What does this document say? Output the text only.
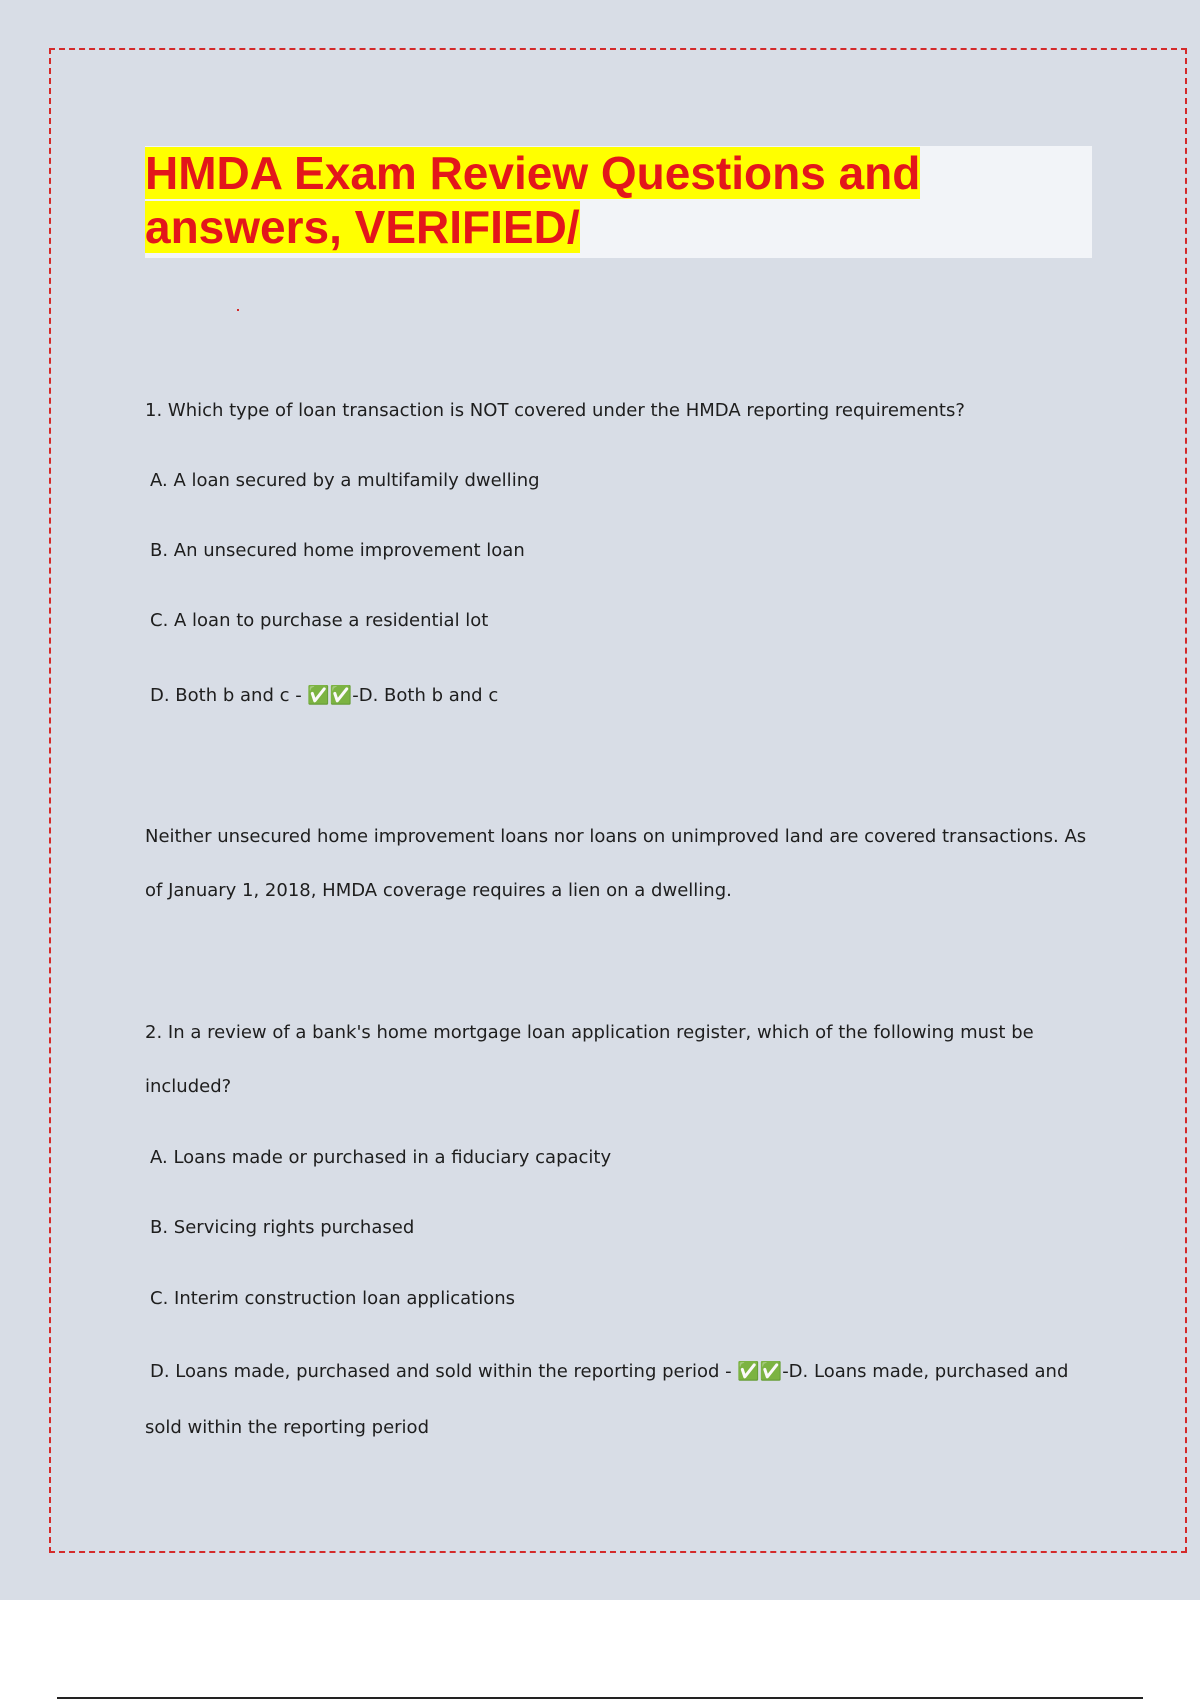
HMDA Exam Review Questions and answers, VERIFIED/

1. Which type of loan transaction is NOT covered under the HMDA reporting requirements?

A. A loan secured by a multifamily dwelling

B. An unsecured home improvement loan

C. A loan to purchase a residential lot

D. Both b and c - ✅✅-D. Both b and c

Neither unsecured home improvement loans nor loans on unimproved land are covered transactions. As

of January 1, 2018, HMDA coverage requires a lien on a dwelling.

2. In a review of a bank's home mortgage loan application register, which of the following must be

included?

A. Loans made or purchased in a fiduciary capacity

B. Servicing rights purchased

C. Interim construction loan applications

D. Loans made, purchased and sold within the reporting period - ✅✅-D. Loans made, purchased and

sold within the reporting period
